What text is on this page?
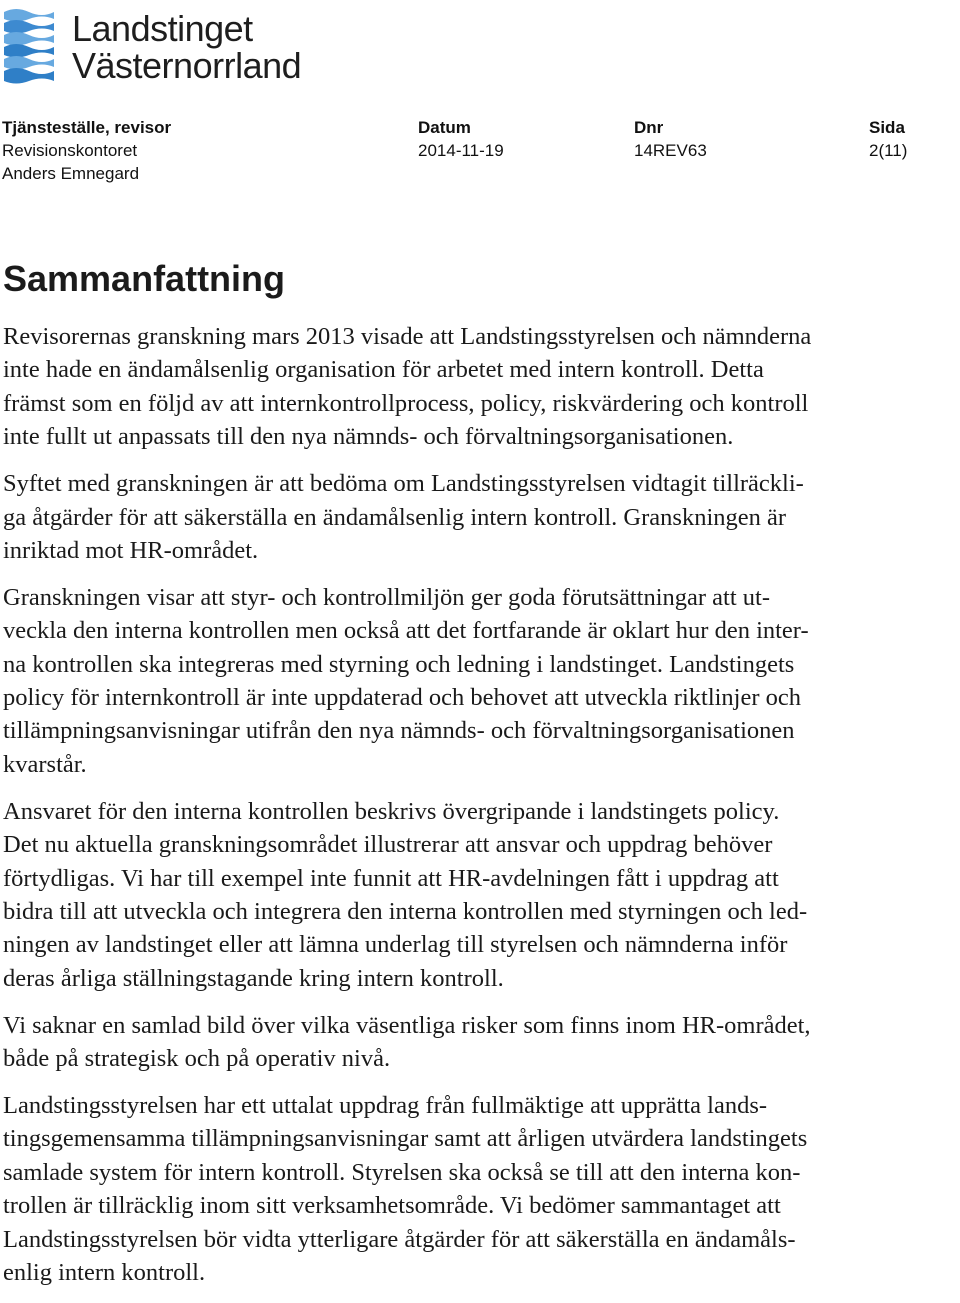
Landstinget
Västernorrland
Tjänsteställe, revisor
Revisionskontoret
Anders Emnegard
Datum
2014-11-19
Dnr
14REV63
Sida
2(11)
Sammanfattning

Revisorernas granskning mars 2013 visade att Landstingsstyrelsen och nämnderna
inte hade en ändamålsenlig organisation för arbetet med intern kontroll. Detta
främst som en följd av att internkontrollprocess, policy, riskvärdering och kontroll
inte fullt ut anpassats till den nya nämnds- och förvaltningsorganisationen.

Syftet med granskningen är att bedöma om Landstingsstyrelsen vidtagit tillräckli-
ga åtgärder för att säkerställa en ändamålsenlig intern kontroll. Granskningen är
inriktad mot HR-området.

Granskningen visar att styr- och kontrollmiljön ger goda förutsättningar att ut-
veckla den interna kontrollen men också att det fortfarande är oklart hur den inter-
na kontrollen ska integreras med styrning och ledning i landstinget. Landstingets
policy för internkontroll är inte uppdaterad och behovet att utveckla riktlinjer och
tillämpningsanvisningar utifrån den nya nämnds- och förvaltningsorganisationen
kvarstår.

Ansvaret för den interna kontrollen beskrivs övergripande i landstingets policy.
Det nu aktuella granskningsområdet illustrerar att ansvar och uppdrag behöver
förtydligas. Vi har till exempel inte funnit att HR-avdelningen fått i uppdrag att
bidra till att utveckla och integrera den interna kontrollen med styrningen och led-
ningen av landstinget eller att lämna underlag till styrelsen och nämnderna inför
deras årliga ställningstagande kring intern kontroll.

Vi saknar en samlad bild över vilka väsentliga risker som finns inom HR-området,
både på strategisk och på operativ nivå.

Landstingsstyrelsen har ett uttalat uppdrag från fullmäktige att upprätta lands-
tingsgemensamma tillämpningsanvisningar samt att årligen utvärdera landstingets
samlade system för intern kontroll. Styrelsen ska också se till att den interna kon-
trollen är tillräcklig inom sitt verksamhetsområde. Vi bedömer sammantaget att
Landstingsstyrelsen bör vidta ytterligare åtgärder för att säkerställa en ändamåls-
enlig intern kontroll.
